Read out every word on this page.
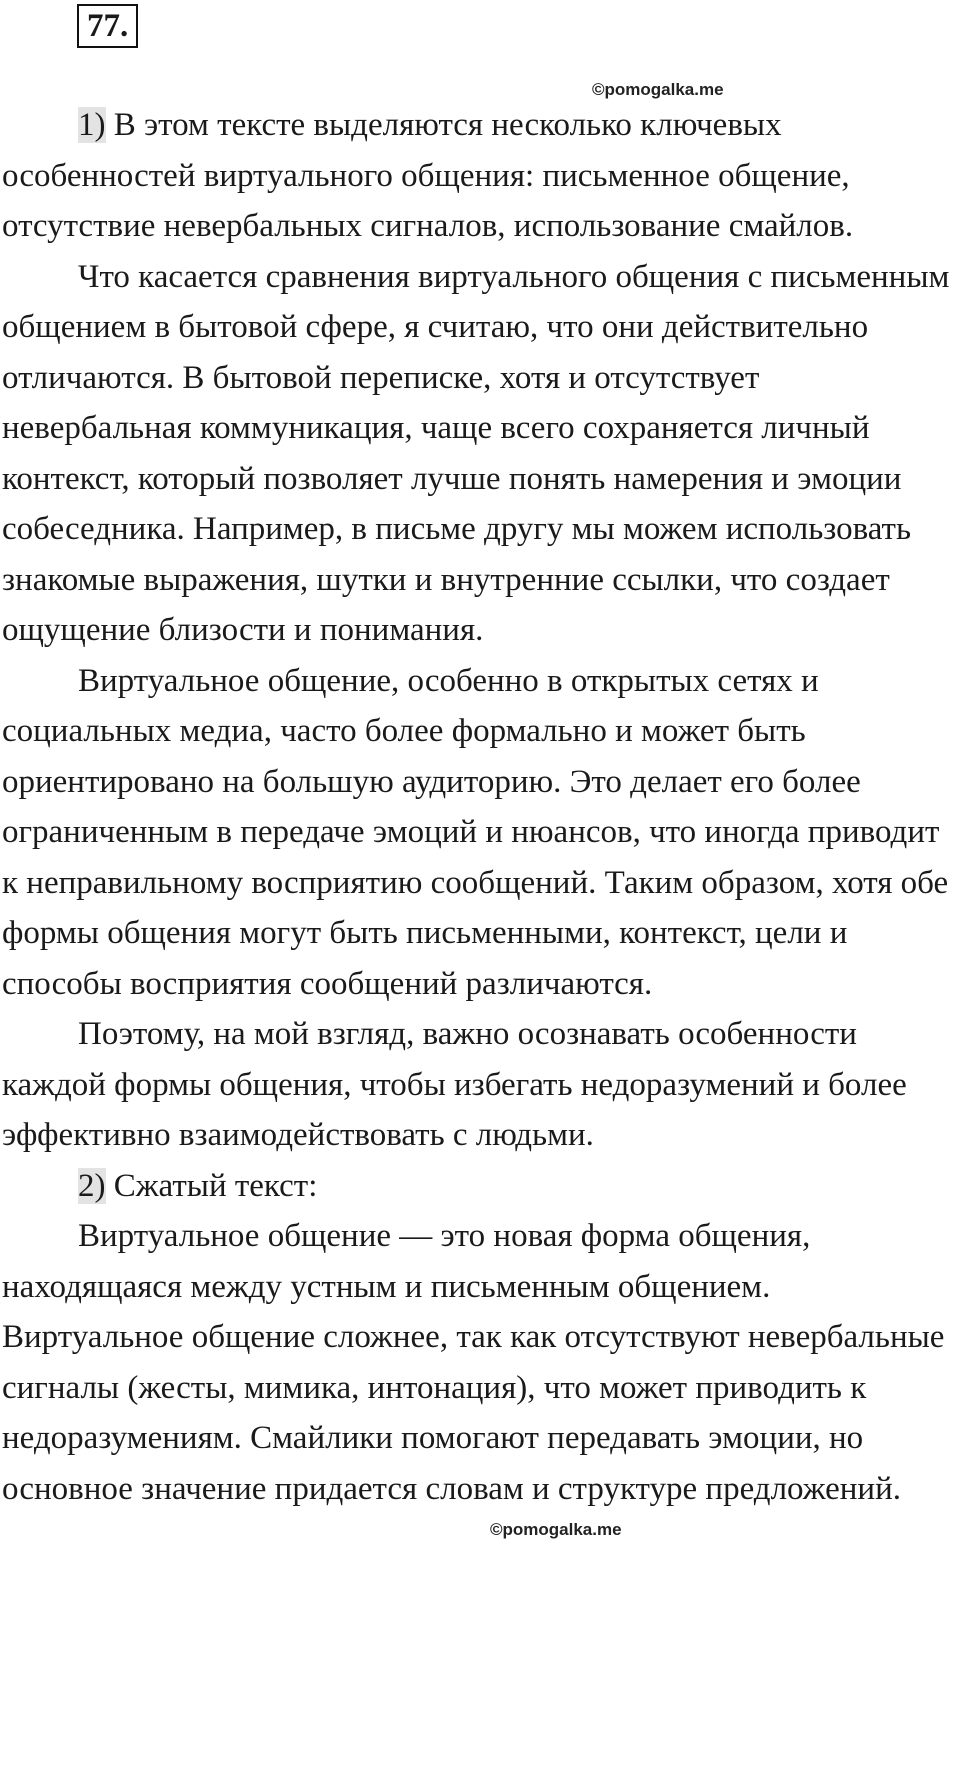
77.
©pomogalka.me

1) В этом тексте выделяются несколько ключевых особенностей виртуального общения: письменное общение, отсутствие невербальных сигналов, использование смайлов.

Что касается сравнения виртуального общения с письменным общением в бытовой сфере, я считаю, что они действительно отличаются. В бытовой переписке, хотя и отсутствует невербальная коммуникация, чаще всего сохраняется личный контекст, который позволяет лучше понять намерения и эмоции собеседника. Например, в письме другу мы можем использовать знакомые выражения, шутки и внутренние ссылки, что создает ощущение близости и понимания.

Виртуальное общение, особенно в открытых сетях и социальных медиа, часто более формально и может быть ориентировано на большую аудиторию. Это делает его более ограниченным в передаче эмоций и нюансов, что иногда приводит к неправильному восприятию сообщений. Таким образом, хотя обе формы общения могут быть письменными, контекст, цели и способы восприятия сообщений различаются.

Поэтому, на мой взгляд, важно осознавать особенности каждой формы общения, чтобы избегать недоразумений и более эффективно взаимодействовать с людьми.

2) Сжатый текст:

Виртуальное общение — это новая форма общения, находящаяся между устным и письменным общением. Виртуальное общение сложнее, так как отсутствуют невербальные сигналы (жесты, мимика, интонация), что может приводить к недоразумениям. Смайлики помогают передавать эмоции, но основное значение придается словам и структуре предложений.

©pomogalka.me
